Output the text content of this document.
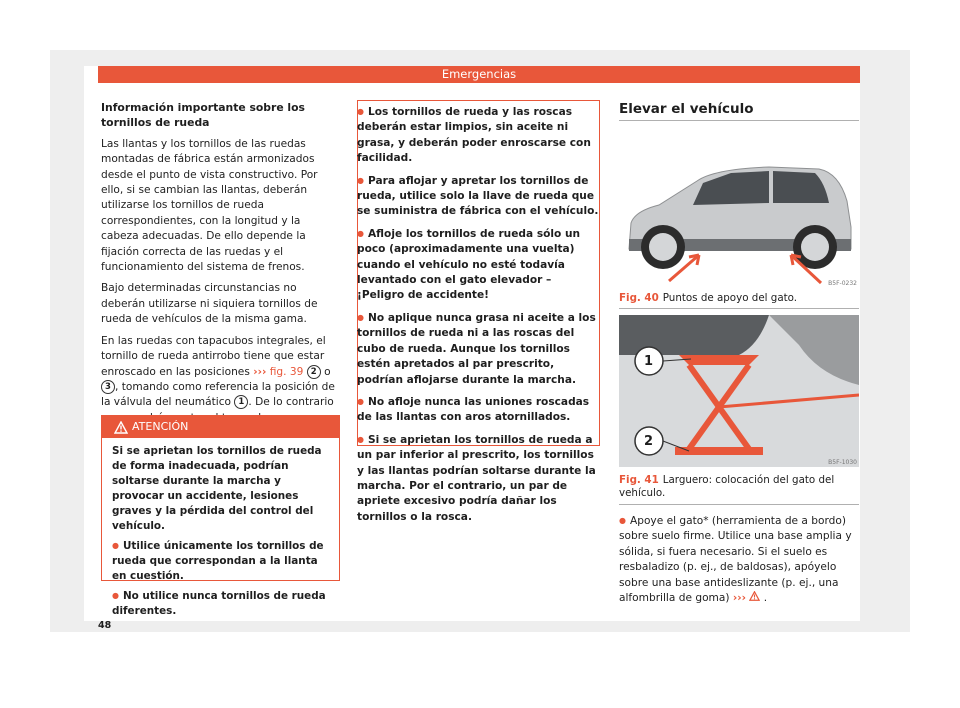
Emergencias

Información importante sobre los tornillos de rueda

Las llantas y los tornillos de las ruedas montadas de fábrica están armonizados desde el punto de vista constructivo. Por ello, si se cambian las llantas, deberán utilizarse los tornillos de rueda correspondientes, con la longitud y la cabeza adecuadas. De ello depende la fijación correcta de las ruedas y el funcionamiento del sistema de frenos.

Bajo determinadas circunstancias no deberán utilizarse ni siquiera tornillos de rueda de vehículos de la misma gama.

En las ruedas con tapacubos integrales, el tornillo de rueda antirrobo tiene que estar enroscado en las posiciones ››› fig. 39 2 o 3 , tomando como referencia la posición de la válvula del neumático 1 . De lo contrario

ATENCIÓN

Si se aprietan los tornillos de rueda de forma inadecuada, podrían soltarse durante la marcha y provocar un accidente, lesiones graves y la pérdida del control del vehículo.

● Utilice únicamente los tornillos de rueda que correspondan a la llanta en cuestión.

● No utilice nunca tornillos de rueda diferentes.

● Los tornillos de rueda y las roscas deberán estar limpios, sin aceite ni grasa, y deberán poder enroscarse con facilidad.

● Para aflojar y apretar los tornillos de rueda, utilice solo la llave de rueda que se suministra de fábrica con el vehículo.

● Afloje los tornillos de rueda sólo un poco (aproximadamente una vuelta) cuando el vehículo no esté todavía levantado con el gato elevador – ¡Peligro de accidente!

● No aplique nunca grasa ni aceite a los tornillos de rueda ni a las roscas del cubo de rueda. Aunque los tornillos estén apretados al par prescrito, podrían aflojarse durante la marcha.

● No afloje nunca las uniones roscadas de las llantas con aros atornillados.

● Si se aprietan los tornillos de rueda a un par inferior al prescrito, los tornillos y las llantas podrían soltarse durante la marcha. Por el contrario, un par de apriete excesivo podría dañar los tornillos o la rosca.

Elevar el vehículo
B5F-0232
Fig. 40 Puntos de apoyo del gato.
1
2
B5F-1030
Fig. 41 Larguero: colocación del gato del vehículo.
● Apoye el gato* (herramienta de a bordo) sobre suelo firme. Utilice una base amplia y sólida, si fuera necesario. Si el suelo es resbaladizo (p. ej., de baldosas), apóyelo sobre una base antideslizante (p. ej., una alfombrilla de goma) ››› .
48
